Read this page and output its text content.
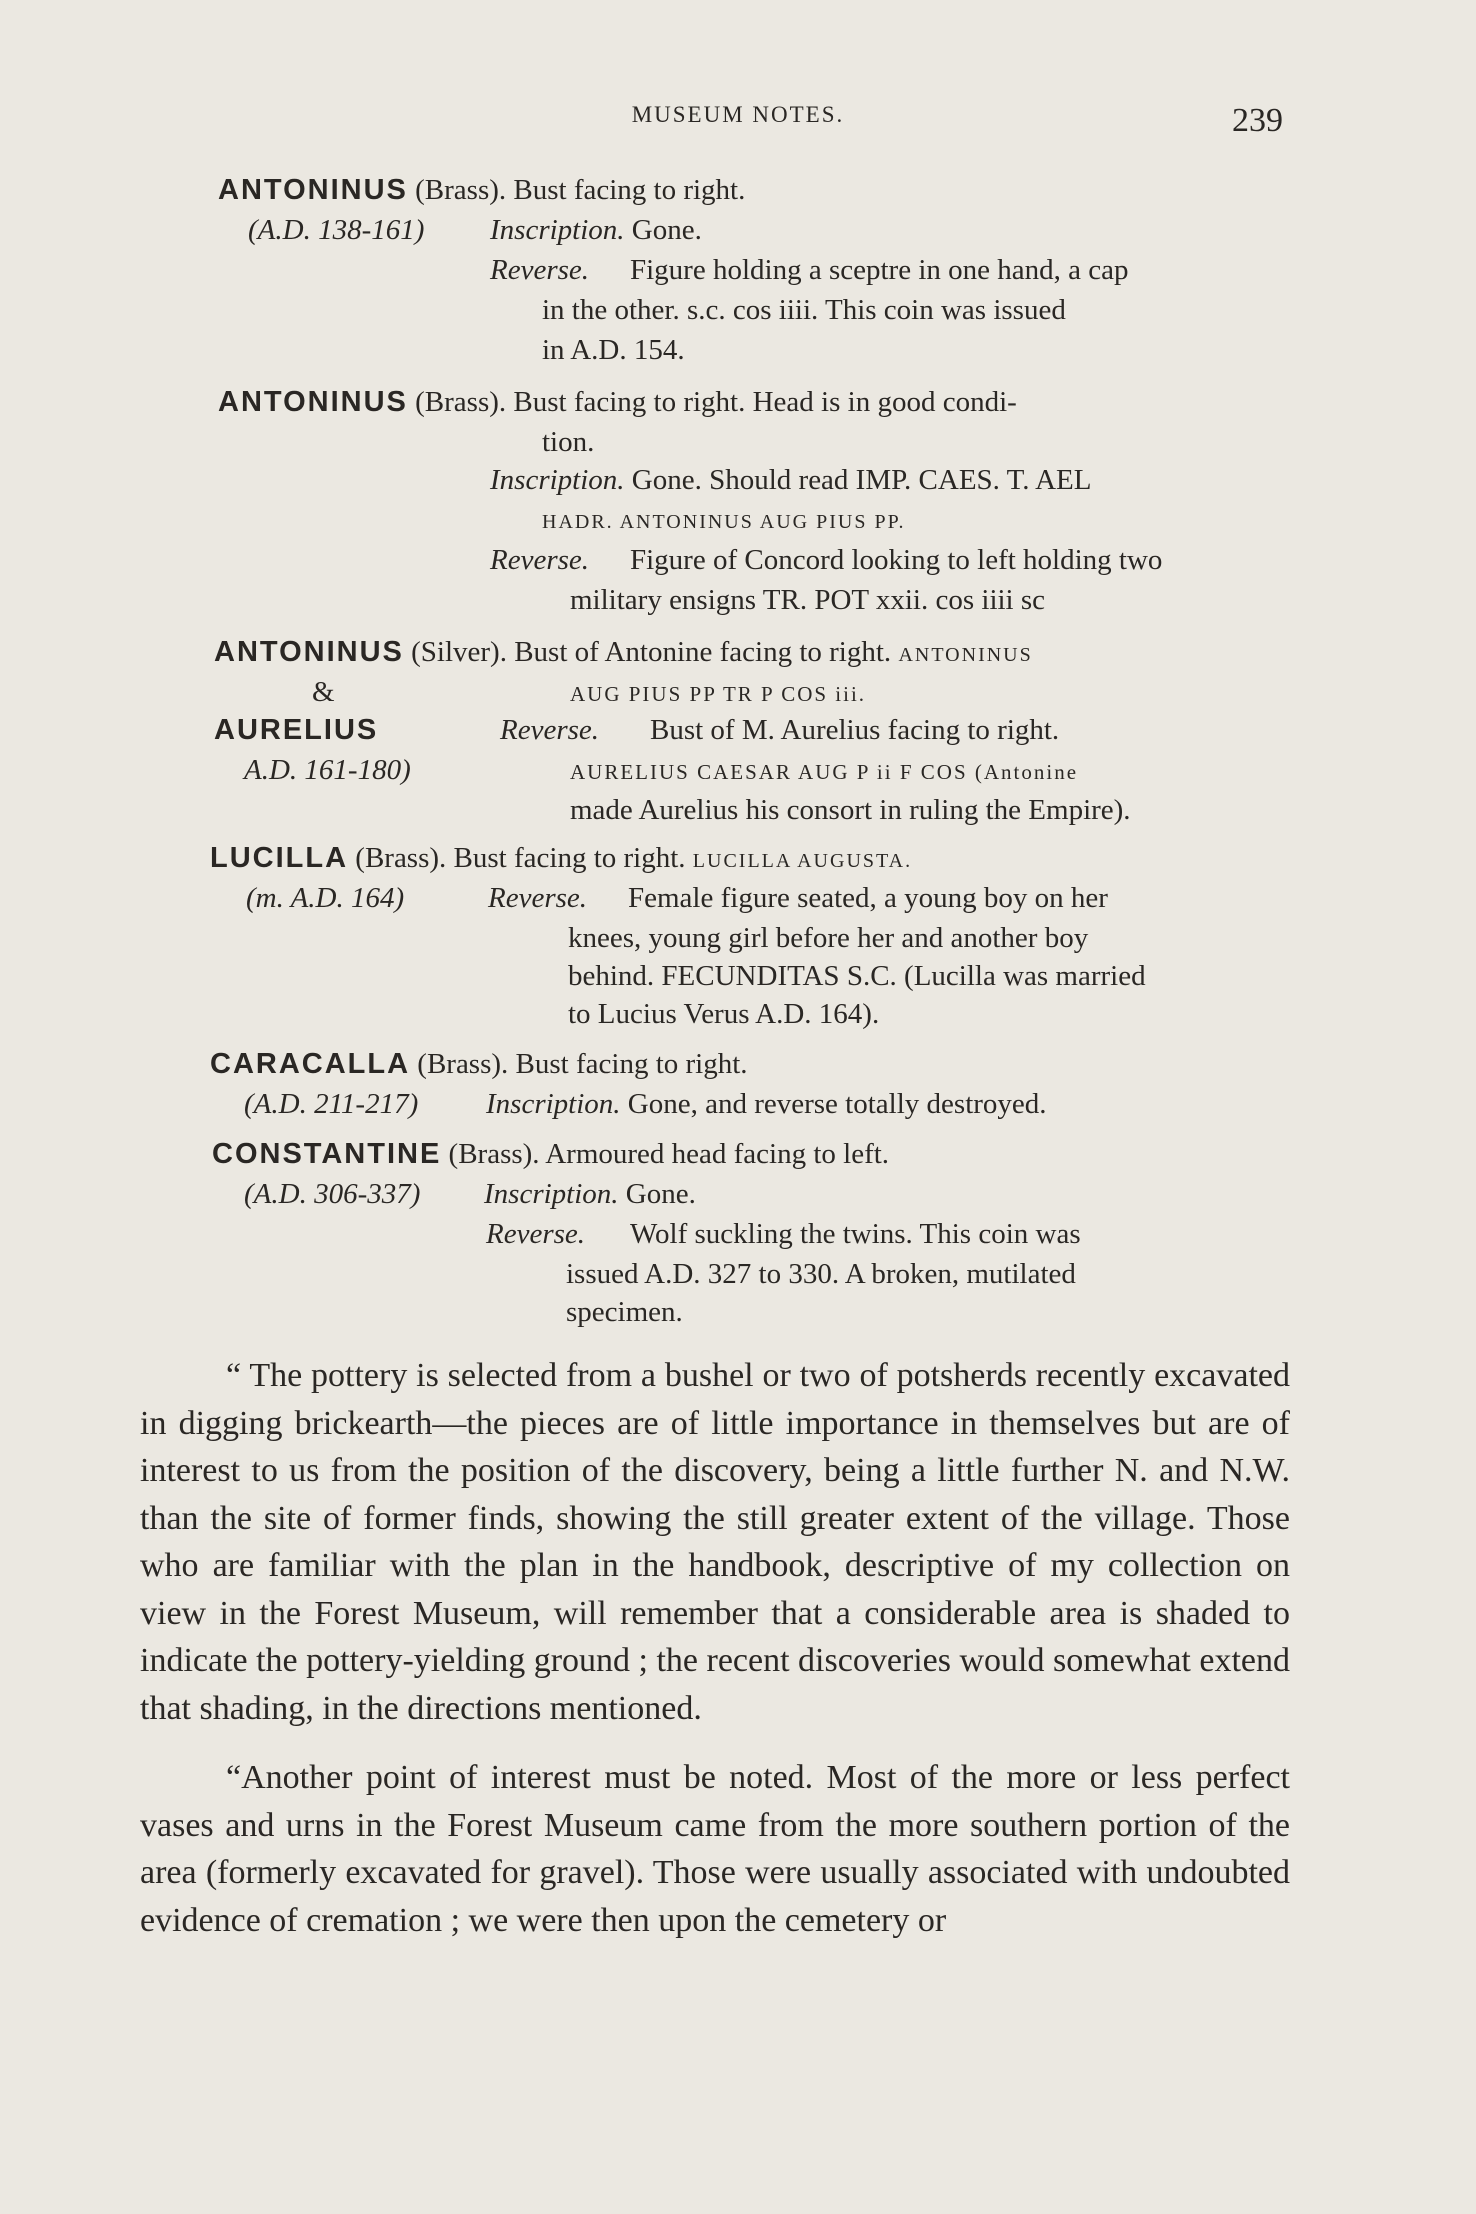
MUSEUM NOTES.	239
ANTONINUS (Brass). Bust facing to right.
(A.D. 138-161) Inscription. Gone.
Reverse. Figure holding a sceptre in one hand, a cap
in the other. s.c. cos iiii. This coin was issued
in A.D. 154.
ANTONINUS (Brass). Bust facing to right. Head is in good condi-
tion.
Inscription. Gone. Should read IMP. CAES. T. AEL
HADR. ANTONINUS AUG PIUS PP.
Reverse. Figure of Concord looking to left holding two
military ensigns TR. POT xxii. cos iiii sc
ANTONINUS (Silver). Bust of Antonine facing to right. ANTONINUS
&	AUG PIUS PP TR P COS iii.
AURELIUS	Reverse. Bust of M. Aurelius facing to right.
A.D. 161-180)	AURELIUS CAESAR AUG P ii F COS (Antonine
made Aurelius his consort in ruling the Empire).
LUCILLA (Brass). Bust facing to right. LUCILLA AUGUSTA.
(m. A.D. 164)	Reverse. Female figure seated, a young boy on her
knees, young girl before her and another boy
behind. FECUNDITAS S.C. (Lucilla was married
to Lucius Verus A.D. 164).
CARACALLA (Brass). Bust facing to right.
(A.D. 211-217) Inscription. Gone, and reverse totally destroyed.
CONSTANTINE (Brass). Armoured head facing to left.
(A.D. 306-337) Inscription. Gone.
Reverse. Wolf suckling the twins. This coin was
issued A.D. 327 to 330. A broken, mutilated
specimen.

“ The pottery is selected from a bushel or two of potsherds recently excavated in digging brickearth—the pieces are of little importance in themselves but are of interest to us from the position of the discovery, being a little further N. and N.W. than the site of former finds, showing the still greater extent of the village. Those who are familiar with the plan in the handbook, descriptive of my collection on view in the Forest Museum, will remember that a considerable area is shaded to indicate the pottery-yielding ground ; the recent discoveries would somewhat extend that shading, in the directions mentioned.

“Another point of interest must be noted. Most of the more or less perfect vases and urns in the Forest Museum came from the more southern portion of the area (formerly excavated for gravel). Those were usually associated with undoubted evidence of cremation ; we were then upon the cemetery or
